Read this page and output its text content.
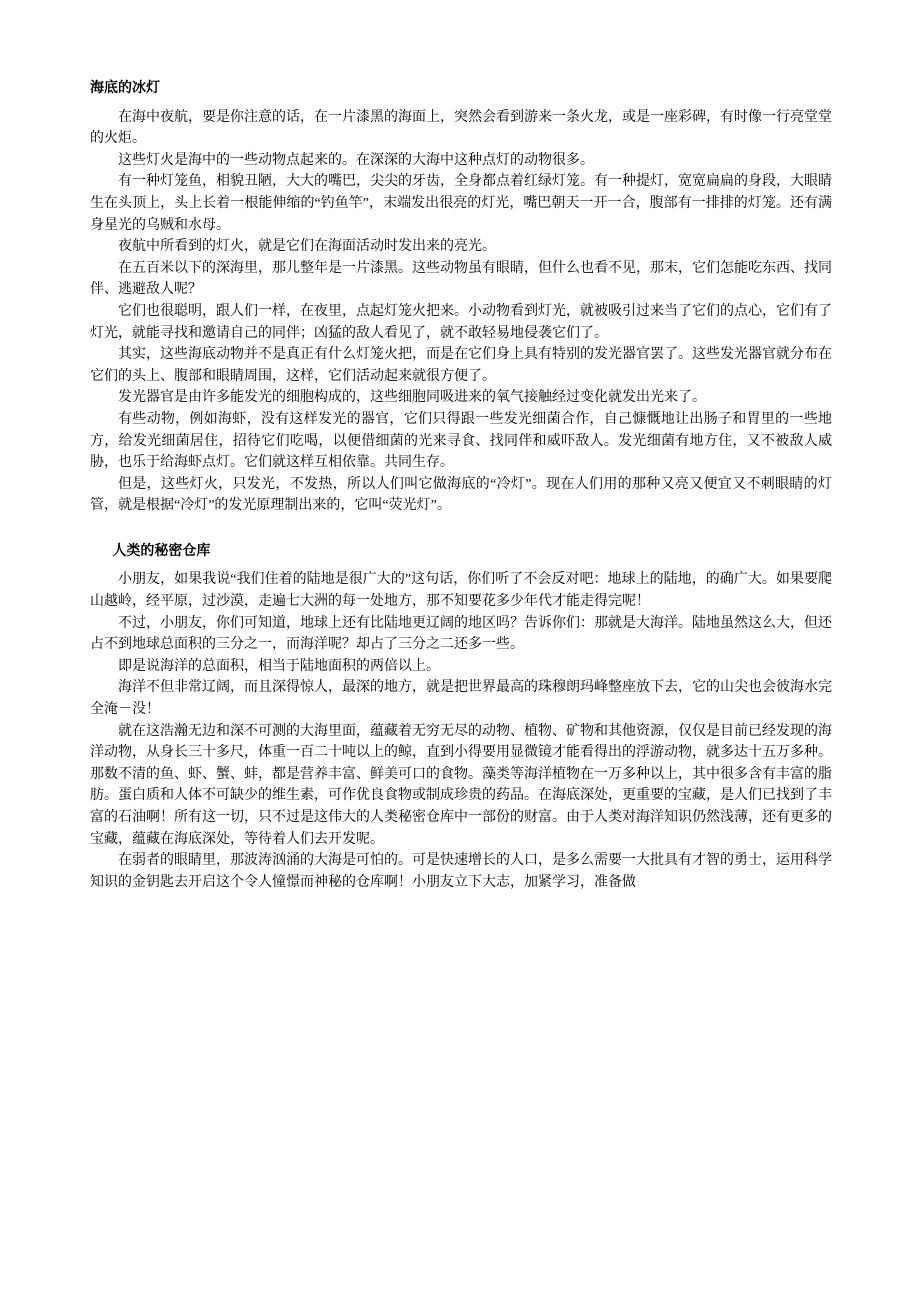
海底的冰灯

在海中夜航，要是你注意的话，在一片漆黑的海面上，突然会看到游来一条火龙，或是一座彩碑，有时像一行亮堂堂的火炬。

这些灯火是海中的一些动物点起来的。在深深的大海中这种点灯的动物很多。

有一种灯笼鱼，相貌丑陋，大大的嘴巴，尖尖的牙齿，全身都点着红绿灯笼。有一种提灯，宽宽扁扁的身段，大眼睛生在头顶上，头上长着一根能伸缩的“钓鱼竿”，末端发出很亮的灯光，嘴巴朝天一开一合，腹部有一排排的灯笼。还有满身星光的乌贼和水母。

夜航中所看到的灯火，就是它们在海面活动时发出来的亮光。

在五百米以下的深海里，那儿整年是一片漆黑。这些动物虽有眼睛，但什么也看不见，那末，它们怎能吃东西、找同伴、逃避敌人呢？

它们也很聪明，跟人们一样，在夜里，点起灯笼火把来。小动物看到灯光，就被吸引过来当了它们的点心，它们有了灯光，就能寻找和邀请自己的同伴；凶猛的敌人看见了，就不敢轻易地侵袭它们了。

其实，这些海底动物并不是真正有什么灯笼火把，而是在它们身上具有特别的发光器官罢了。这些发光器官就分布在它们的头上、腹部和眼睛周围，这样，它们活动起来就很方便了。

发光器官是由许多能发光的细胞构成的，这些细胞同吸进来的氧气接触经过变化就发出光来了。

有些动物，例如海虾，没有这样发光的器官，它们只得跟一些发光细菌合作，自己慷慨地让出肠子和胃里的一些地方，给发光细菌居住，招待它们吃喝，以便借细菌的光来寻食、找同伴和威吓敌人。发光细菌有地方住，又不被敌人威胁，也乐于给海虾点灯。它们就这样互相依靠。共同生存。

但是，这些灯火，只发光，不发热，所以人们叫它做海底的“冷灯”。现在人们用的那种又亮又便宜又不刺眼睛的灯管，就是根据“冷灯”的发光原理制出来的，它叫“荧光灯”。

人类的秘密仓库

小朋友，如果我说“我们住着的陆地是很广大的”这句话，你们听了不会反对吧：地球上的陆地，的确广大。如果要爬山越岭，经平原，过沙漠，走遍七大洲的每一处地方，那不知要花多少年代才能走得完呢！

不过，小朋友，你们可知道，地球上还有比陆地更辽阔的地区吗？告诉你们：那就是大海洋。陆地虽然这么大，但还占不到地球总面积的三分之一，而海洋呢？却占了三分之二还多一些。

即是说海洋的总面积，相当于陆地面积的两倍以上。

海洋不但非常辽阔，而且深得惊人，最深的地方，就是把世界最高的珠穆朗玛峰整座放下去，它的山尖也会彼海水完全淹－没！

就在这浩瀚无边和深不可测的大海里面，蕴藏着无穷无尽的动物、植物、矿物和其他资源，仅仅是目前已经发现的海洋动物，从身长三十多尺，体重一百二十吨以上的鲸，直到小得要用显微镜才能看得出的浮游动物，就多达十五万多种。那数不清的鱼、虾、蟹、蚌，都是营养丰富、鲜美可口的食物。藻类等海洋植物在一万多种以上，其中很多含有丰富的脂肪。蛋白质和人体不可缺少的维生素，可作优良食物或制成珍贵的药品。在海底深处，更重要的宝藏，是人们已找到了丰富的石油啊！所有这一切，只不过是这伟大的人类秘密仓库中一部份的财富。由于人类对海洋知识仍然浅薄，还有更多的宝藏，蕴藏在海底深处，等待着人们去开发呢。

在弱者的眼睛里，那波涛汹涌的大海是可怕的。可是快速增长的人口，是多么需要一大批具有才智的勇士，运用科学知识的金钥匙去开启这个令人憧憬而神秘的仓库啊！小朋友立下大志，加紧学习，准备做
